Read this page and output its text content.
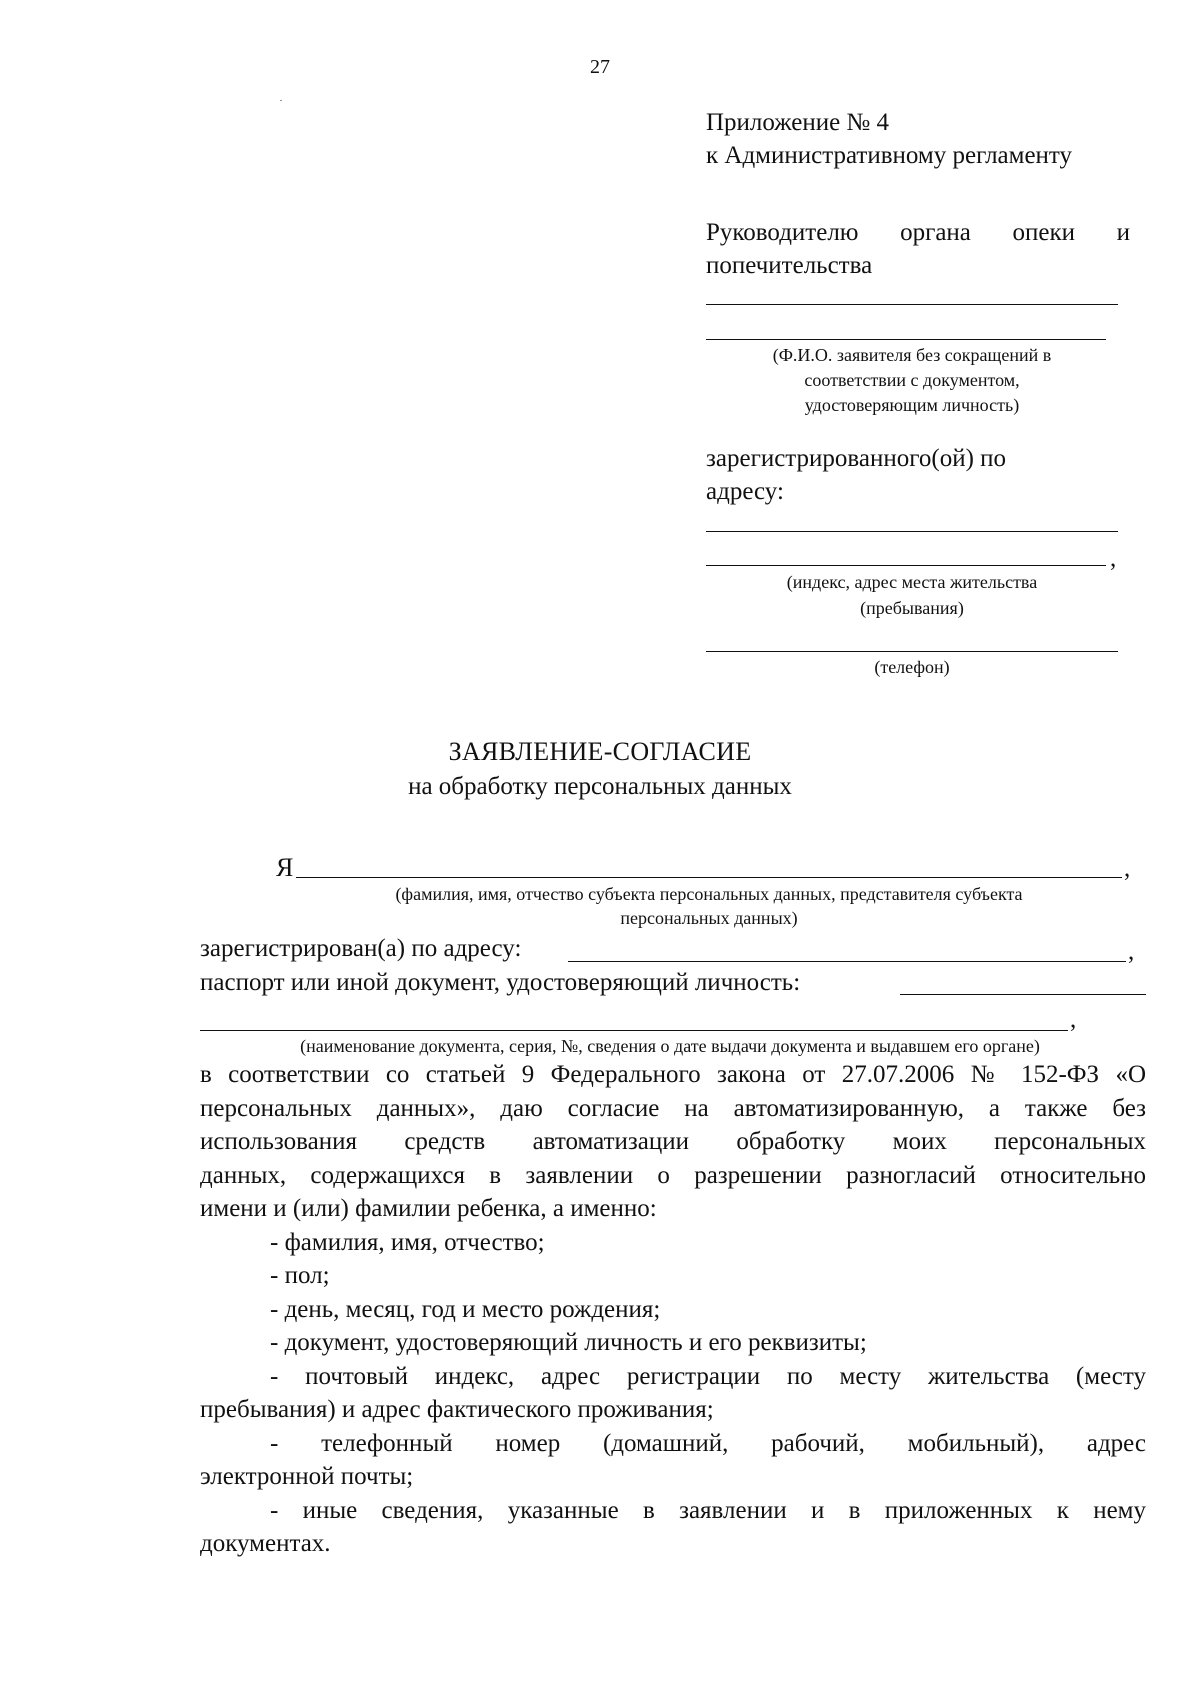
27
Приложение № 4
к Административному регламенту
Руководителю органа опеки и
попечительства
(Ф.И.О. заявителя без сокращений в
соответствии с документом,
удостоверяющим личность)
зарегистрированного(ой) по
адресу:
,
(индекс, адрес места жительства
(пребывания)
(телефон)
ЗАЯВЛЕНИЕ-СОГЛАСИЕ
на обработку персональных данных
Я	,
(фамилия, имя, отчество субъекта персональных данных, представителя субъекта
персональных данных)
зарегистрирован(а) по адресу:	,
паспорт или иной документ, удостоверяющий личность:
,
(наименование документа, серия, №, сведения о дате выдачи документа и выдавшем его органе)
в соответствии со статьей 9 Федерального закона от 27.07.2006 № 152-ФЗ «О
персональных данных», даю согласие на автоматизированную, а также без
использования средств автоматизации обработку моих персональных
данных, содержащихся в заявлении о разрешении разногласий относительно
имени и (или) фамилии ребенка, а именно:
- фамилия, имя, отчество;
- пол;
- день, месяц, год и место рождения;
- документ, удостоверяющий личность и его реквизиты;
- почтовый индекс, адрес регистрации по месту жительства (месту
пребывания) и адрес фактического проживания;
- телефонный номер (домашний, рабочий, мобильный), адрес
электронной почты;
- иные сведения, указанные в заявлении и в приложенных к нему
документах.
